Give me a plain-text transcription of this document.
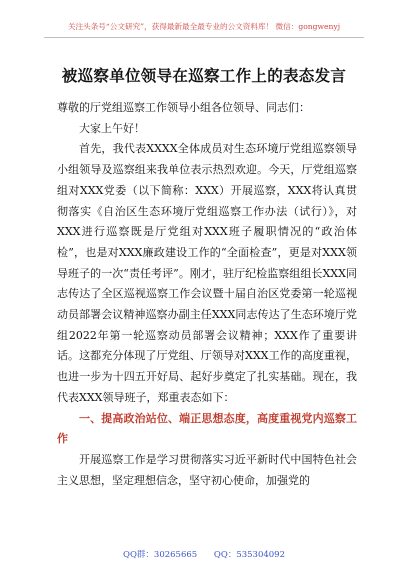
关注头条号“公文研究”，获得最新最全最专业的公文资料库！ 微信：gongwenyj
被巡察单位领导在巡察工作上的表态发言

尊敬的厅党组巡察工作领导小组各位领导、同志们：

大家上午好！

首先，我代表XXXX全体成员对生态环境厅党组巡察领导小组领导及巡察组来我单位表示热烈欢迎。今天，厅党组巡察组对XXX党委（以下简称：XXX）开展巡察，XXX将认真贯彻落实《自治区生态环境厅党组巡察工作办法（试行）》，对XXX进行巡察既是厅党组对XXX班子履职情况的“政治体检”，也是对XXX廉政建设工作的“全面检查”，更是对XXX领导班子的一次“责任考评”。刚才，驻厅纪检监察组组长XXX同志传达了全区巡视巡察工作会议暨十届自治区党委第一轮巡视动员部署会议精神巡察办副主任XXX同志传达了生态环境厅党组2022年第一轮巡察动员部署会议精神；XXX作了重要讲话。这都充分体现了厅党组、厅领导对XXX工作的高度重视，也进一步为十四五开好局、起好步奠定了扎实基础。现在，我代表XXX领导班子，郑重表态如下：

一、提高政治站位、端正思想态度，高度重视党内巡察工作

开展巡察工作是学习贯彻落实习近平新时代中国特色社会主义思想，坚定理想信念，坚守初心使命，加强党的

QQ群：30265665 QQ：535304092
